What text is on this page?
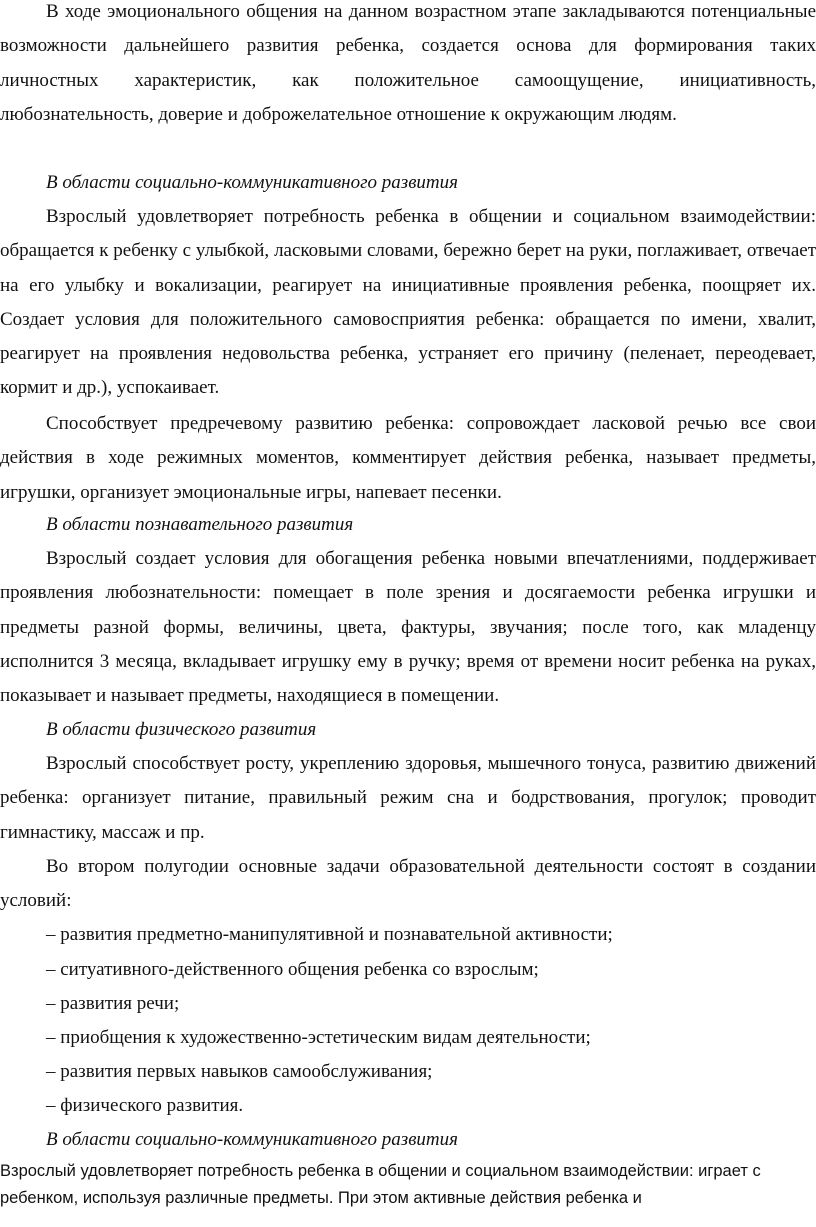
В ходе эмоционального общения на данном возрастном этапе закладываются потенциальные возможности дальнейшего развития ребенка, создается основа для формирования таких личностных характеристик, как положительное самоощущение, инициативность, любознательность, доверие и доброжелательное отношение к окружающим людям.

В области социально-коммуникативного развития

Взрослый удовлетворяет потребность ребенка в общении и социальном взаимодействии: обращается к ребенку с улыбкой, ласковыми словами, бережно берет на руки, поглаживает, отвечает на его улыбку и вокализации, реагирует на инициативные проявления ребенка, поощряет их. Создает условия для положительного самовосприятия ребенка: обращается по имени, хвалит, реагирует на проявления недовольства ребенка, устраняет его причину (пеленает, переодевает, кормит и др.), успокаивает.

Способствует предречевому развитию ребенка: сопровождает ласковой речью все свои действия в ходе режимных моментов, комментирует действия ребенка, называет предметы, игрушки, организует эмоциональные игры, напевает песенки.

В области познавательного развития

Взрослый создает условия для обогащения ребенка новыми впечатлениями, поддерживает проявления любознательности: помещает в поле зрения и досягаемости ребенка игрушки и предметы разной формы, величины, цвета, фактуры, звучания; после того, как младенцу исполнится 3 месяца, вкладывает игрушку ему в ручку; время от времени носит ребенка на руках, показывает и называет предметы, находящиеся в помещении.

В области физического развития

Взрослый способствует росту, укреплению здоровья, мышечного тонуса, развитию движений ребенка: организует питание, правильный режим сна и бодрствования, прогулок; проводит гимнастику, массаж и пр.

Во втором полугодии основные задачи образовательной деятельности состоят в создании условий:

– развития предметно-манипулятивной и познавательной активности;

– ситуативного-действенного общения ребенка со взрослым;

– развития речи;

– приобщения к художественно-эстетическим видам деятельности;

– развития первых навыков самообслуживания;

– физического развития.

В области социально-коммуникативного развития

Взрослый удовлетворяет потребность ребенка в общении и социальном взаимодействии: играет с ребенком, используя различные предметы. При этом активные действия ребенка и
